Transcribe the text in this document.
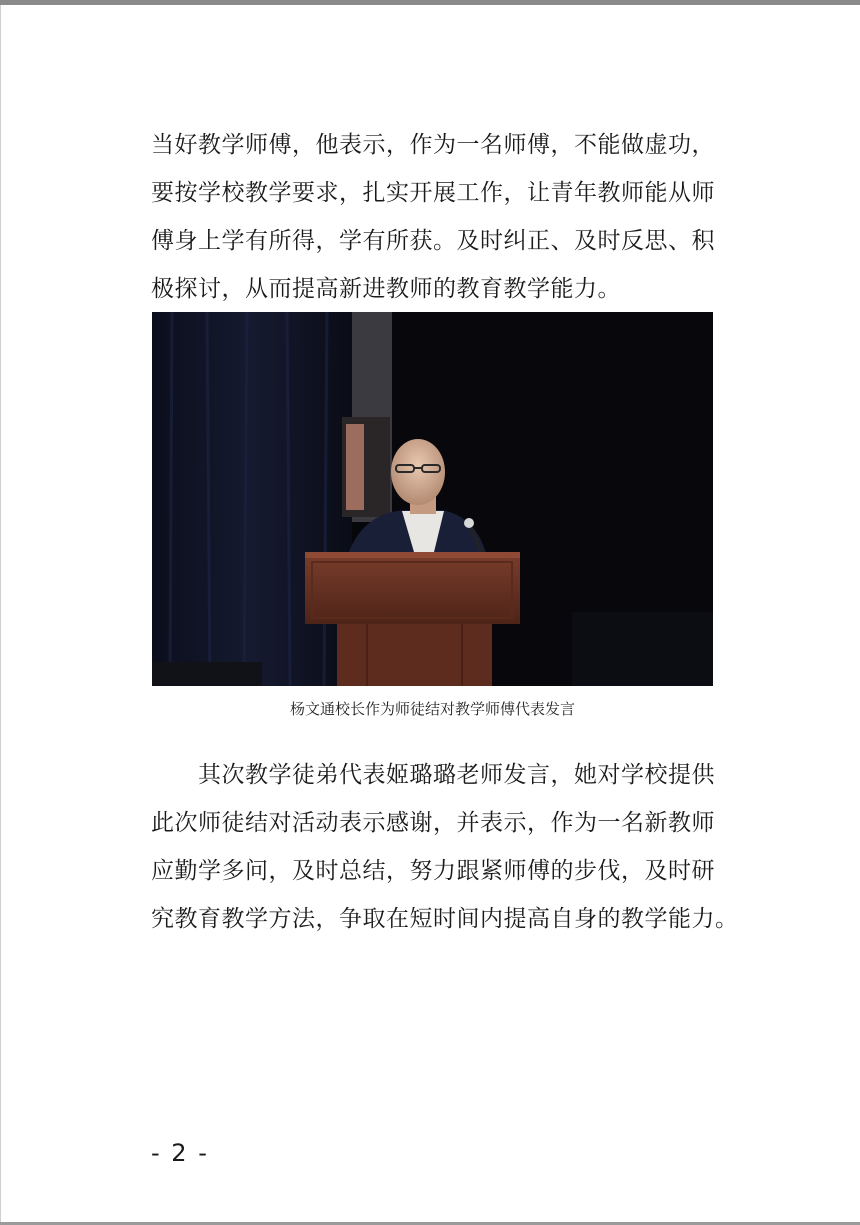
当好教学师傅，他表示，作为一名师傅，不能做虚功，
要按学校教学要求，扎实开展工作，让青年教师能从师
傅身上学有所得，学有所获。及时纠正、及时反思、积
极探讨，从而提高新进教师的教育教学能力。
杨文通校长作为师徒结对教学师傅代表发言
　　其次教学徒弟代表姬璐璐老师发言，她对学校提供
此次师徒结对活动表示感谢，并表示，作为一名新教师
应勤学多问，及时总结，努力跟紧师傅的步伐，及时研
究教育教学方法，争取在短时间内提高自身的教学能力。
- 2 -
